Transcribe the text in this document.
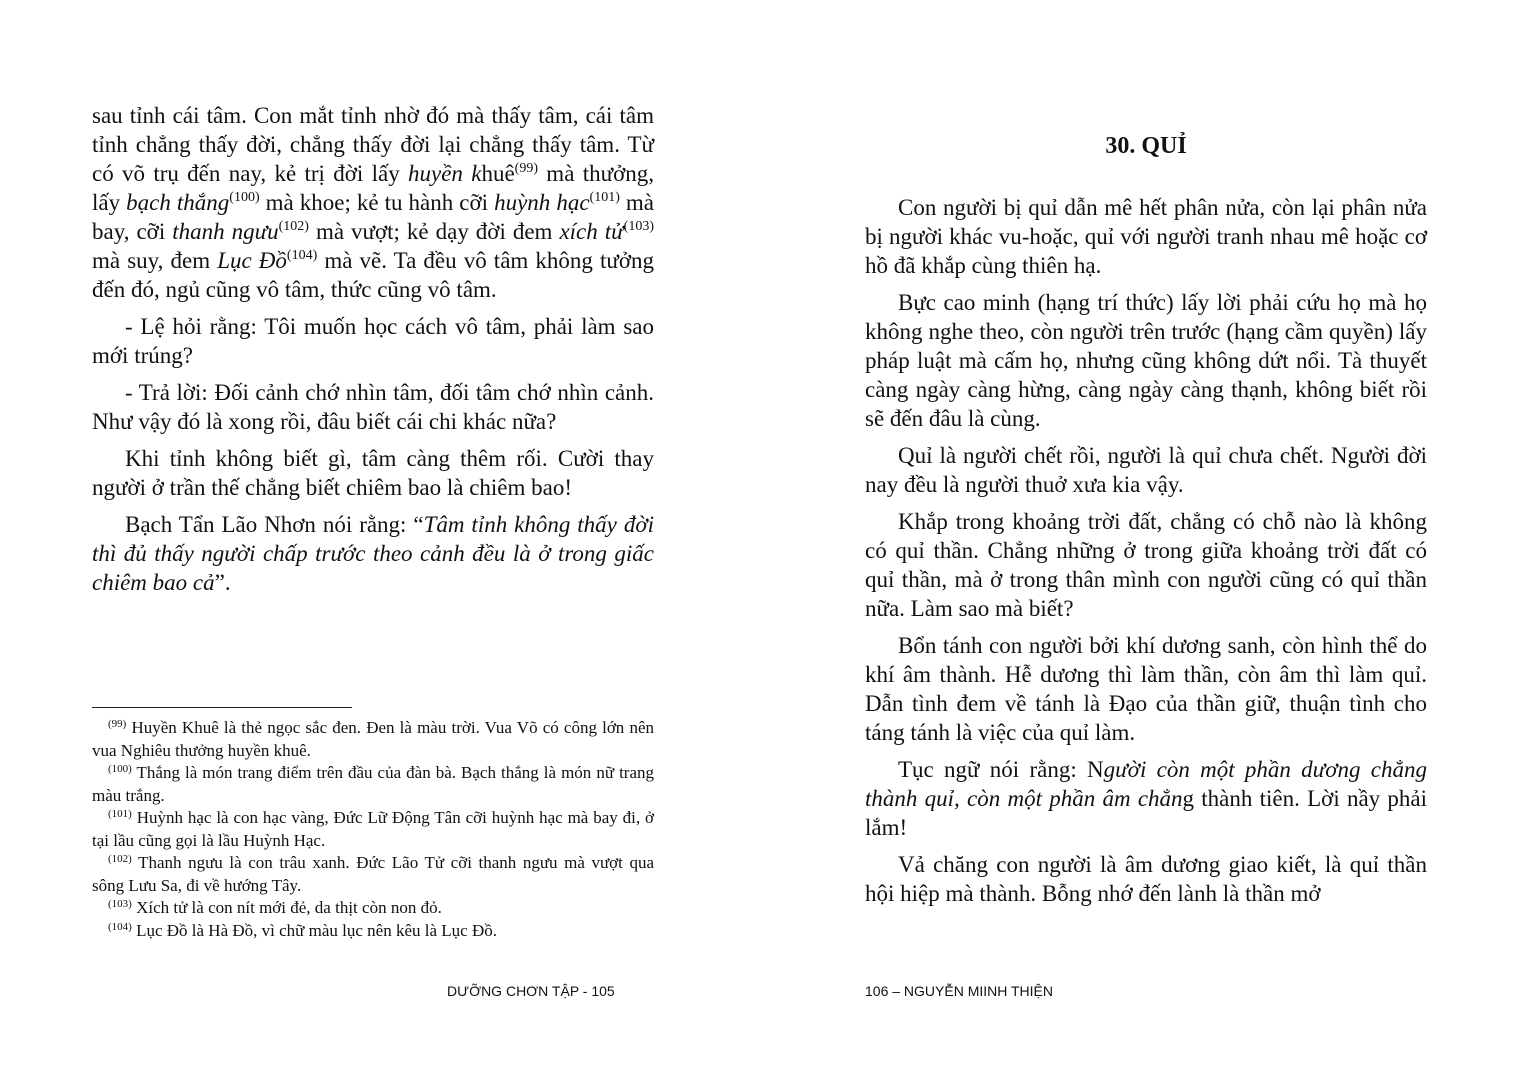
sau tỉnh cái tâm. Con mắt tỉnh nhờ đó mà thấy tâm, cái tâm tỉnh chẳng thấy đời, chẳng thấy đời lại chẳng thấy tâm. Từ có võ trụ đến nay, kẻ trị đời lấy huyền khuê$^{(99)}$ mà thưởng, lấy bạch thắng$^{(100)}$ mà khoe; kẻ tu hành cỡi huỳnh hạc$^{(101)}$ mà bay, cỡi thanh ngưu$^{(102)}$ mà vượt; kẻ dạy đời đem xích tử$^{(103)}$ mà suy, đem Lục Đồ$^{(104)}$ mà vẽ. Ta đều vô tâm không tưởng đến đó, ngủ cũng vô tâm, thức cũng vô tâm.

- Lệ hỏi rằng: Tôi muốn học cách vô tâm, phải làm sao mới trúng?

- Trả lời: Đối cảnh chớ nhìn tâm, đối tâm chớ nhìn cảnh. Như vậy đó là xong rồi, đâu biết cái chi khác nữa?

Khi tỉnh không biết gì, tâm càng thêm rối. Cười thay người ở trần thế chẳng biết chiêm bao là chiêm bao!

Bạch Tẩn Lão Nhơn nói rằng: “Tâm tỉnh không thấy đời thì đủ thấy người chấp trước theo cảnh đều là ở trong giấc chiêm bao cả”.

$^{(99)}$ Huyền Khuê là thẻ ngọc sắc đen. Đen là màu trời. Vua Võ có công lớn nên vua Nghiêu thưởng huyền khuê.

$^{(100)}$ Thắng là món trang điểm trên đầu của đàn bà. Bạch thắng là món nữ trang màu trắng.

$^{(101)}$ Huỳnh hạc là con hạc vàng, Đức Lữ Động Tân cỡi huỳnh hạc mà bay đi, ở tại lầu cũng gọi là lầu Huỳnh Hạc.

$^{(102)}$ Thanh ngưu là con trâu xanh. Đức Lão Tử cỡi thanh ngưu mà vượt qua sông Lưu Sa, đi về hướng Tây.

$^{(103)}$ Xích tử là con nít mới đẻ, da thịt còn non đỏ.

$^{(104)}$ Lục Đồ là Hà Đồ, vì chữ màu lục nên kêu là Lục Đồ.

DƯỠNG CHƠN TẬP - 105
30. QUỈ

Con người bị quỉ dẫn mê hết phân nửa, còn lại phân nửa bị người khác vu-hoặc, quỉ với người tranh nhau mê hoặc cơ hồ đã khắp cùng thiên hạ.

Bực cao minh (hạng trí thức) lấy lời phải cứu họ mà họ không nghe theo, còn người trên trước (hạng cầm quyền) lấy pháp luật mà cấm họ, nhưng cũng không dứt nổi. Tà thuyết càng ngày càng hừng, càng ngày càng thạnh, không biết rồi sẽ đến đâu là cùng.

Quỉ là người chết rồi, người là quỉ chưa chết. Người đời nay đều là người thuở xưa kia vậy.

Khắp trong khoảng trời đất, chẳng có chỗ nào là không có quỉ thần. Chẳng những ở trong giữa khoảng trời đất có quỉ thần, mà ở trong thân mình con người cũng có quỉ thần nữa. Làm sao mà biết?

Bổn tánh con người bởi khí dương sanh, còn hình thể do khí âm thành. Hễ dương thì làm thần, còn âm thì làm quỉ. Dẫn tình đem về tánh là Đạo của thần giữ, thuận tình cho táng tánh là việc của quỉ làm.

Tục ngữ nói rằng: Người còn một phần dương chẳng thành quỉ, còn một phần âm chẳng thành tiên. Lời nầy phải lắm!

Vả chăng con người là âm dương giao kiết, là quỉ thần hội hiệp mà thành. Bỗng nhớ đến lành là thần mở

106 – NGUYỄN MIINH THIỆN
